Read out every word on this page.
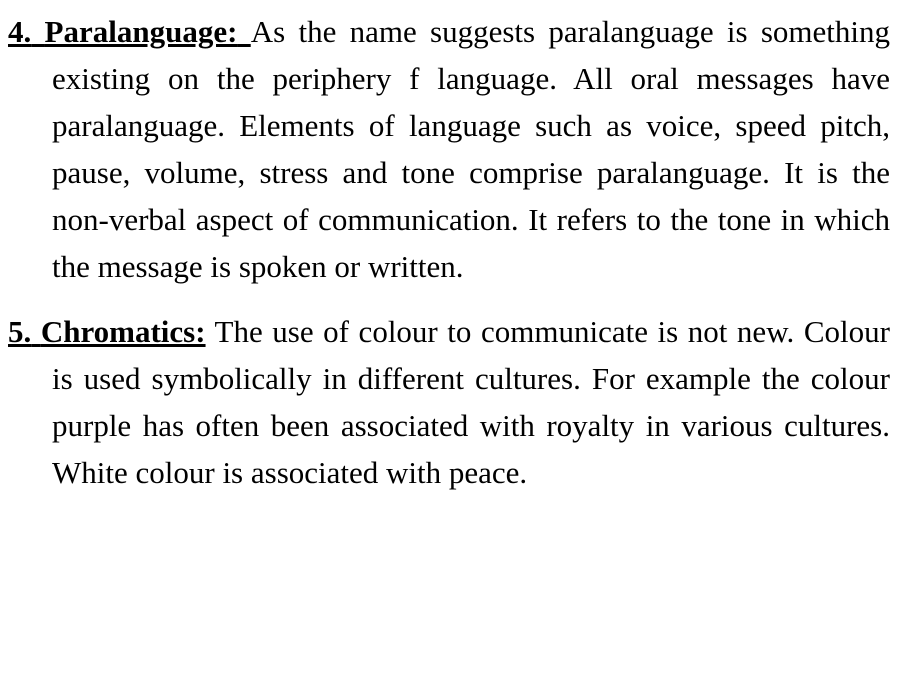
4. Paralanguage: As the name suggests paralanguage is something existing on the periphery f language. All oral messages have paralanguage. Elements of language such as voice, speed pitch, pause, volume, stress and tone comprise paralanguage. It is the non-verbal aspect of communication. It refers to the tone in which the message is spoken or written.

5. Chromatics: The use of colour to communicate is not new. Colour is used symbolically in different cultures. For example the colour purple has often been associated with royalty in various cultures. White colour is associated with peace.
